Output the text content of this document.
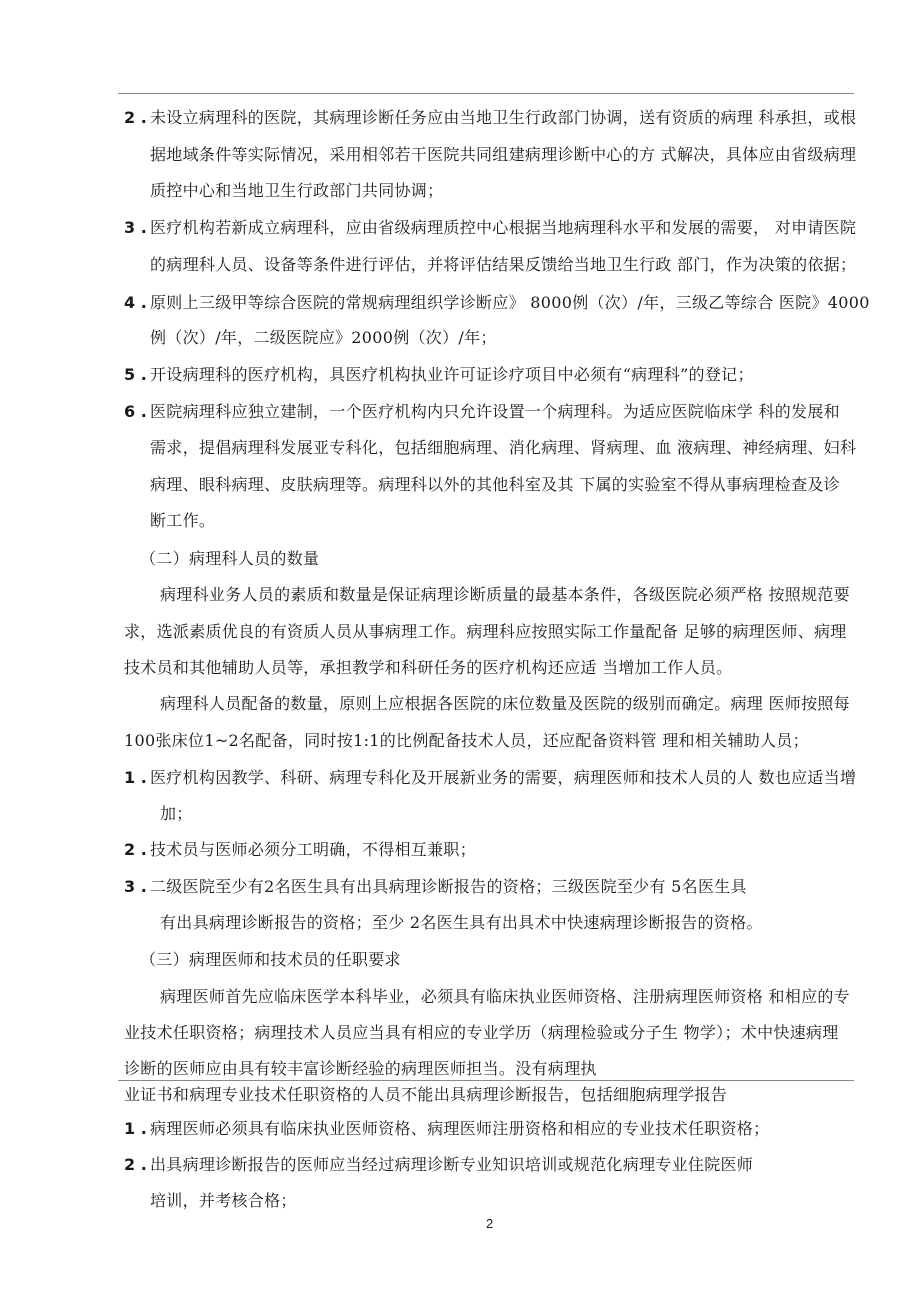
2 . 未设立病理科的医院，其病理诊断任务应由当地卫生行政部门协调，送有资质的病理 科承担，或根
据地域条件等实际情况，采用相邻若干医院共同组建病理诊断中心的方 式解决，具体应由省级病理
质控中心和当地卫生行政部门共同协调；
3 . 医疗机构若新成立病理科，应由省级病理质控中心根据当地病理科水平和发展的需要， 对申请医院
的病理科人员、设备等条件进行评估，并将评估结果反馈给当地卫生行政 部门，作为决策的依据；
4 . 原则上三级甲等综合医院的常规病理组织学诊断应》 8000例（次）/年，三级乙等综合 医院》4000
例（次）/年，二级医院应》2000例（次）/年；
5 . 开设病理科的医疗机构，具医疗机构执业许可证诊疗项目中必须有“病理科”的登记；
6 . 医院病理科应独立建制，一个医疗机构内只允许设置一个病理科。为适应医院临床学 科的发展和
需求，提倡病理科发展亚专科化，包括细胞病理、消化病理、肾病理、血 液病理、神经病理、妇科
病理、眼科病理、皮肤病理等。病理科以外的其他科室及其 下属的实验室不得从事病理检查及诊
断工作。
（二）病理科人员的数量
病理科业务人员的素质和数量是保证病理诊断质量的最基本条件，各级医院必须严格 按照规范要
求，选派素质优良的有资质人员从事病理工作。病理科应按照实际工作量配备 足够的病理医师、病理
技术员和其他辅助人员等，承担教学和科研任务的医疗机构还应适 当增加工作人员。
病理科人员配备的数量，原则上应根据各医院的床位数量及医院的级别而确定。病理 医师按照每
100张床位1~2名配备，同时按1:1的比例配备技术人员，还应配备资料管 理和相关辅助人员；
1 . 医疗机构因教学、科研、病理专科化及开展新业务的需要，病理医师和技术人员的人 数也应适当增
加；
2 . 技术员与医师必须分工明确，不得相互兼职；
3 . 二级医院至少有2名医生具有出具病理诊断报告的资格；三级医院至少有 5名医生具
有出具病理诊断报告的资格；至少 2名医生具有出具术中快速病理诊断报告的资格。
（三）病理医师和技术员的任职要求
病理医师首先应临床医学本科毕业，必须具有临床执业医师资格、注册病理医师资格 和相应的专
业技术任职资格；病理技术人员应当具有相应的专业学历（病理检验或分子生 物学）；术中快速病理
诊断的医师应由具有较丰富诊断经验的病理医师担当。没有病理执
业证书和病理专业技术任职资格的人员不能出具病理诊断报告，包括细胞病理学报告
1 . 病理医师必须具有临床执业医师资格、病理医师注册资格和相应的专业技术任职资格；
2 . 出具病理诊断报告的医师应当经过病理诊断专业知识培训或规范化病理专业住院医师
培训，并考核合格；
2
